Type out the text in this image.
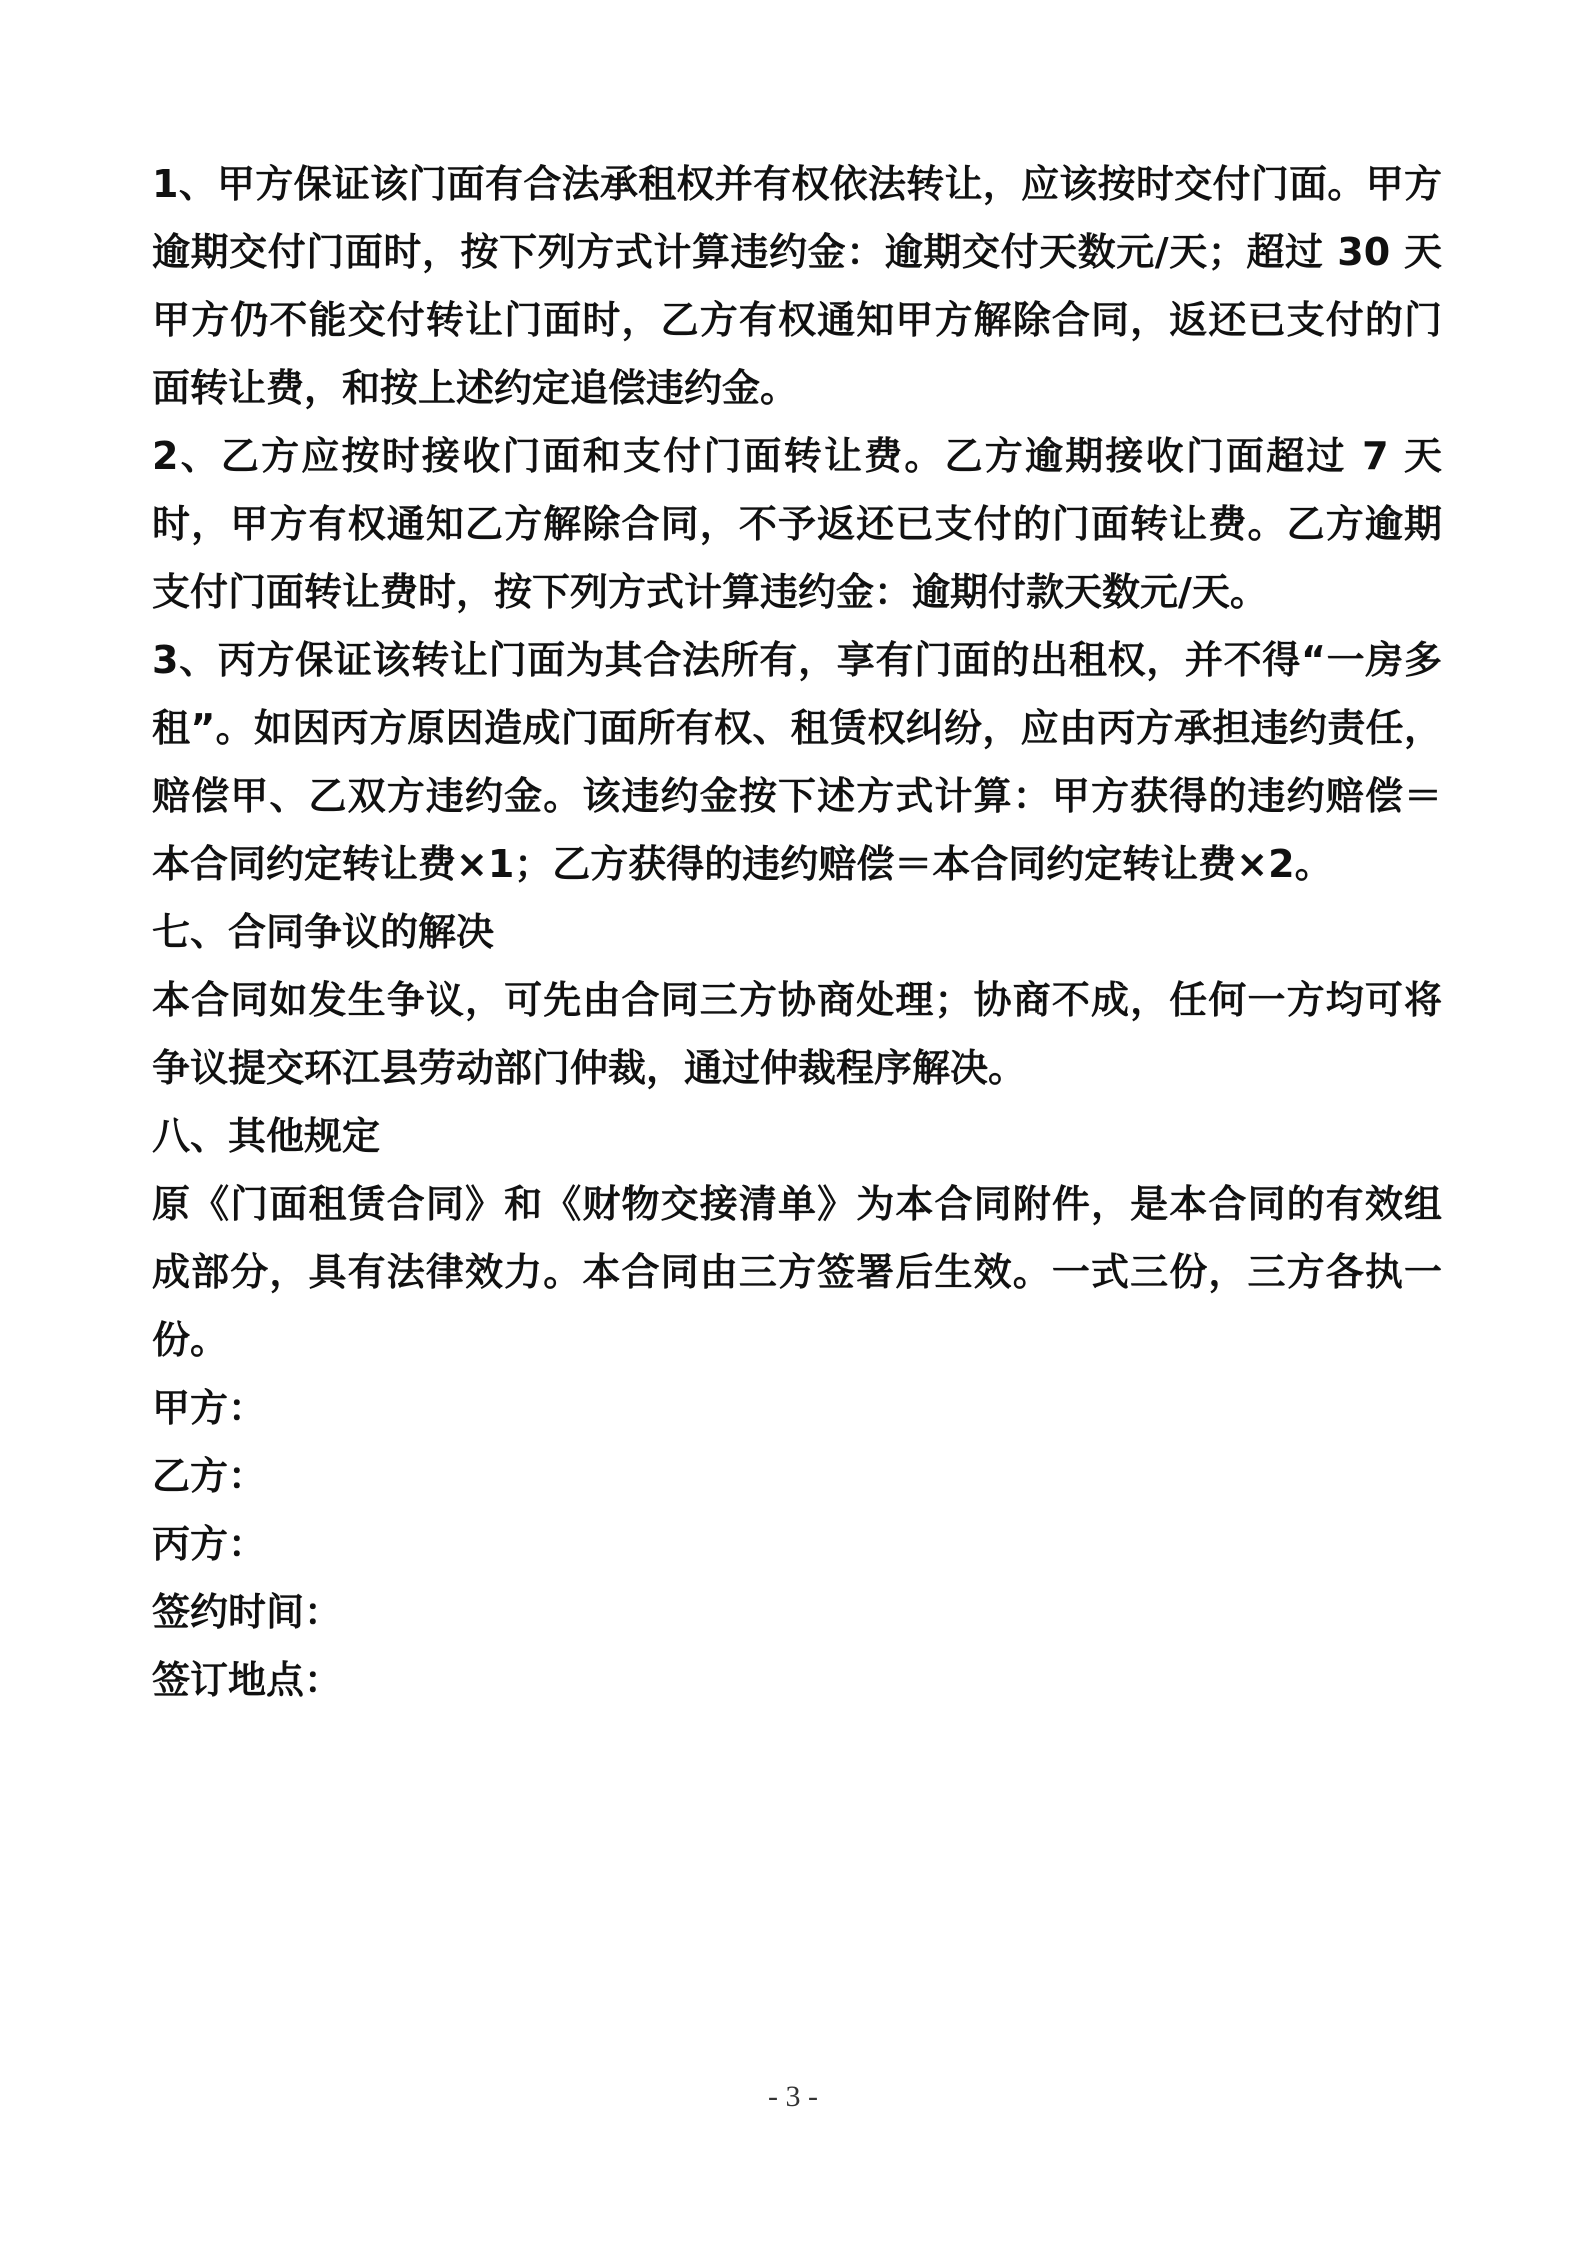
1、甲方保证该门面有合法承租权并有权依法转让，应该按时交付门面。甲方逾期交付门面时，按下列方式计算违约金：逾期交付天数元/天；超过 30 天甲方仍不能交付转让门面时，乙方有权通知甲方解除合同，返还已支付的门面转让费，和按上述约定追偿违约金。

2、乙方应按时接收门面和支付门面转让费。乙方逾期接收门面超过 7 天时，甲方有权通知乙方解除合同，不予返还已支付的门面转让费。乙方逾期支付门面转让费时，按下列方式计算违约金：逾期付款天数元/天。

3、丙方保证该转让门面为其合法所有，享有门面的出租权，并不得“一房多租”。如因丙方原因造成门面所有权、租赁权纠纷，应由丙方承担违约责任，赔偿甲、乙双方违约金。该违约金按下述方式计算：甲方获得的违约赔偿＝本合同约定转让费×1；乙方获得的违约赔偿＝本合同约定转让费×2。

七、合同争议的解决

本合同如发生争议，可先由合同三方协商处理；协商不成，任何一方均可将争议提交环江县劳动部门仲裁，通过仲裁程序解决。

八、其他规定

原《门面租赁合同》和《财物交接清单》为本合同附件，是本合同的有效组成部分，具有法律效力。本合同由三方签署后生效。一式三份，三方各执一份。

甲方：

乙方：

丙方：

签约时间：

签订地点：

- 3 -
